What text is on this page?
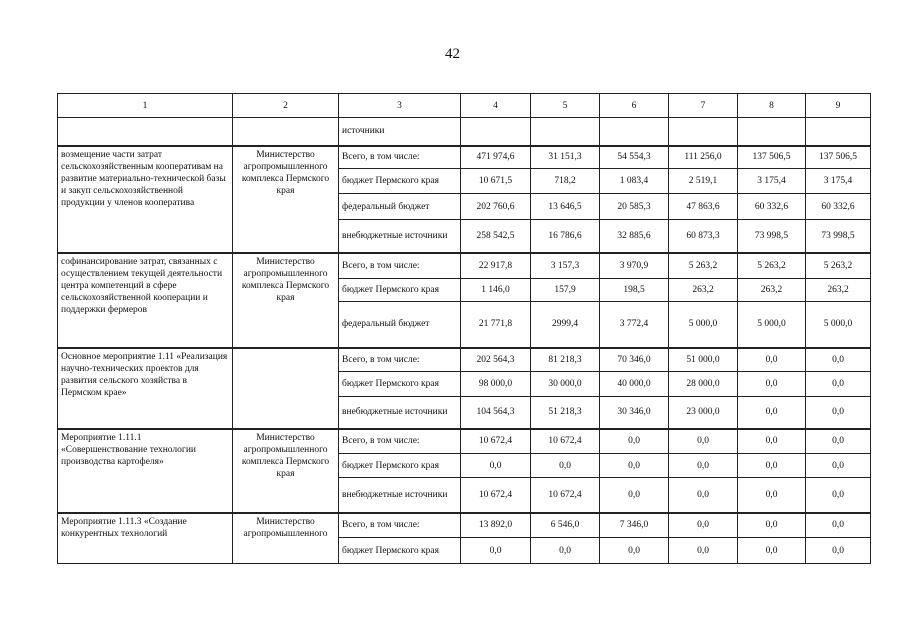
42
1	2	3	4	5	6	7	8	9
		источники						
возмещение части затрат сельскохозяйственным кооперативам на развитие материально-технической базы и закуп сельскохозяйственной продукции у членов кооператива	Министерство агропромышленного комплекса Пермского края	Всего, в том числе:	471 974,6	31 151,3	54 554,3	111 256,0	137 506,5	137 506,5
		бюджет Пермского края	10 671,5	718,2	1 083,4	2 519,1	3 175,4	3 175,4
		федеральный бюджет	202 760,6	13 646,5	20 585,3	47 863,6	60 332,6	60 332,6
		внебюджетные источники	258 542,5	16 786,6	32 885,6	60 873,3	73 998,5	73 998,5
софинансирование затрат, связанных с осуществлением текущей деятельности центра компетенций в сфере сельскохозяйственной кооперации и поддержки фермеров	Министерство агропромышленного комплекса Пермского края	Всего, в том числе:	22 917,8	3 157,3	3 970,9	5 263,2	5 263,2	5 263,2
		бюджет Пермского края	1 146,0	157,9	198,5	263,2	263,2	263,2
		федеральный бюджет	21 771,8	2999,4	3 772,4	5 000,0	5 000,0	5 000,0
Основное мероприятие 1.11 «Реализация научно-технических проектов для развития сельского хозяйства в Пермском крае»		Всего, в том числе:	202 564,3	81 218,3	70 346,0	51 000,0	0,0	0,0
		бюджет Пермского края	98 000,0	30 000,0	40 000,0	28 000,0	0,0	0,0
		внебюджетные источники	104 564,3	51 218,3	30 346,0	23 000,0	0,0	0,0
Мероприятие 1.11.1 «Совершенствование технологии производства картофеля»	Министерство агропромышленного комплекса Пермского края	Всего, в том числе:	10 672,4	10 672,4	0,0	0,0	0,0	0,0
		бюджет Пермского края	0,0	0,0	0,0	0,0	0,0	0,0
		внебюджетные источники	10 672,4	10 672,4	0,0	0,0	0,0	0,0
Мероприятие 1.11.3 «Создание конкурентных технологий	Министерство агропромышленного	Всего, в том числе:	13 892,0	6 546,0	7 346,0	0,0	0,0	0,0
		бюджет Пермского края	0,0	0,0	0,0	0,0	0,0	0,0
